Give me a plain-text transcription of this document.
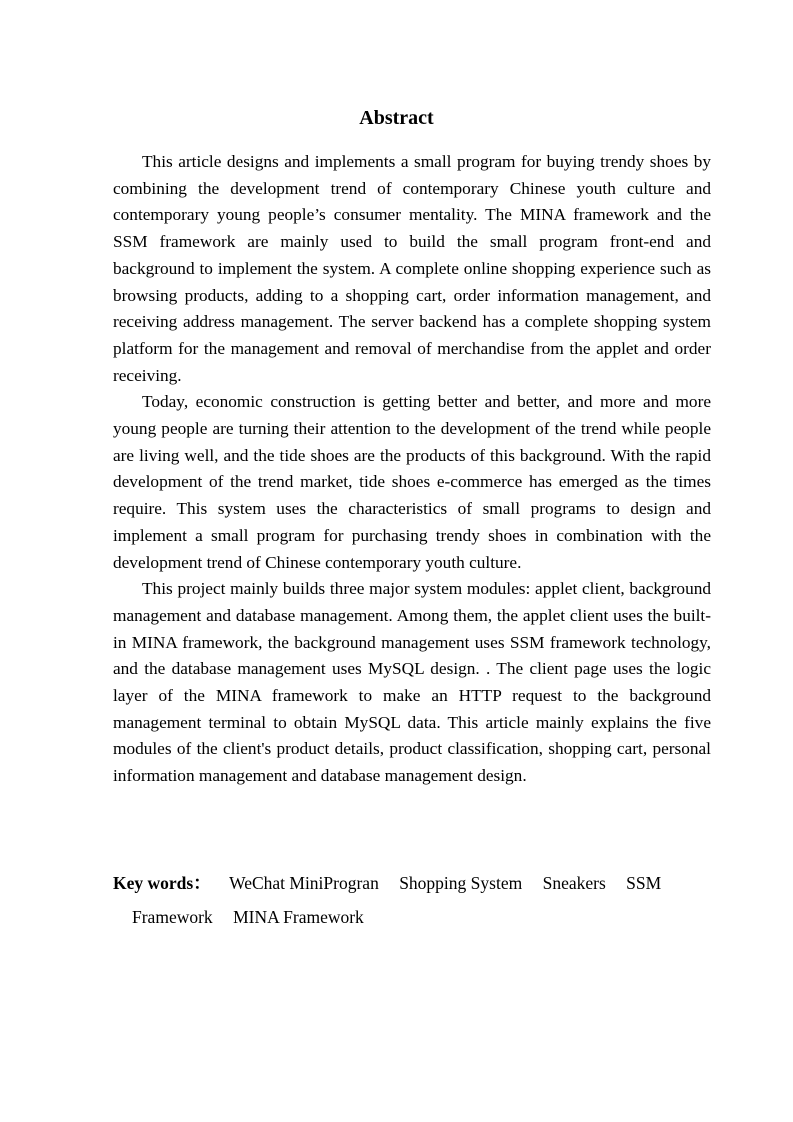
Abstract

This article designs and implements a small program for buying trendy shoes by combining the development trend of contemporary Chinese youth culture and contemporary young people’s consumer mentality. The MINA framework and the SSM framework are mainly used to build the small program front-end and background to implement the system. A complete online shopping experience such as browsing products, adding to a shopping cart, order information management, and receiving address management. The server backend has a complete shopping system platform for the management and removal of merchandise from the applet and order receiving.

Today, economic construction is getting better and better, and more and more young people are turning their attention to the development of the trend while people are living well, and the tide shoes are the products of this background. With the rapid development of the trend market, tide shoes e-commerce has emerged as the times require. This system uses the characteristics of small programs to design and implement a small program for purchasing trendy shoes in combination with the development trend of Chinese contemporary youth culture.

This project mainly builds three major system modules: applet client, background management and database management. Among them, the applet client uses the built-in MINA framework, the background management uses SSM framework technology, and the database management uses MySQL design. . The client page uses the logic layer of the MINA framework to make an HTTP request to the background management terminal to obtain MySQL data. This article mainly explains the five modules of the client's product details, product classification, shopping cart, personal information management and database management design.

Key words： WeChat MiniProgran Shopping System Sneakers SSM
Framework MINA Framework
